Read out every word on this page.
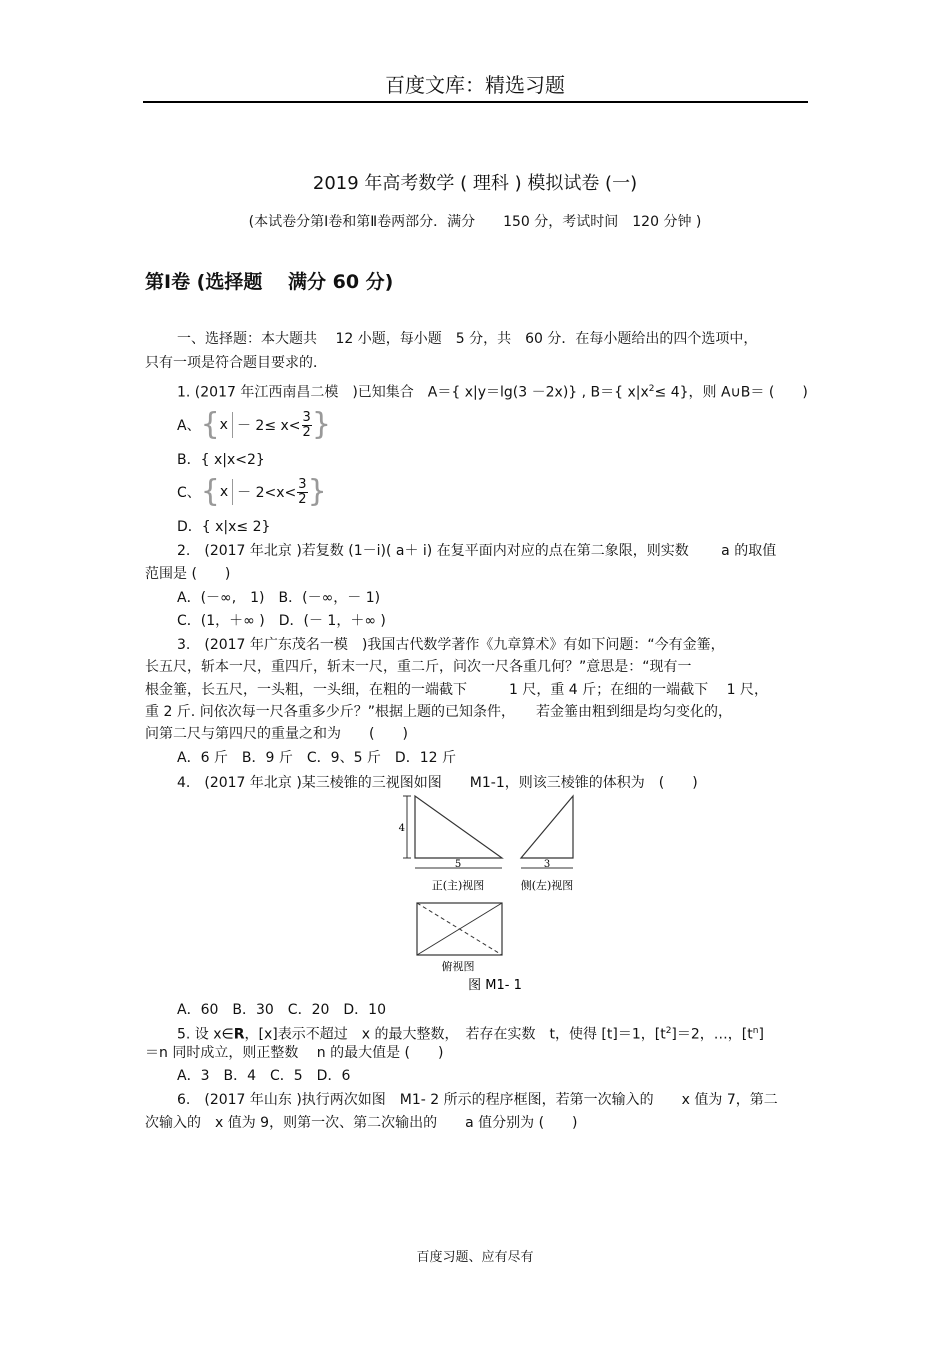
百度文库：精选习题
2019 年高考数学 ( 理科 ) 模拟试卷 (一)
(本试卷分第Ⅰ卷和第Ⅱ卷两部分．满分　　150 分，考试时间　120 分钟 )
第Ⅰ卷 (选择题　 满分 60 分)
一、选择题：本大题共　 12 小题，每小题　5 分，共　60 分．在每小题给出的四个选项中，
只有一项是符合题目要求的．
1. (2017 年江西南昌二模　)已知集合　A＝{ x|y＝lg(3 －2x)} , B＝{ $x|x^2\le 4$}，则 A∪B＝ (　　)
A、 { $x - 2\le x< \frac{3}{2}$ }
B．{ x|x<2}
C、 { $x - 2<x< \frac{3}{2}$ }
D．{ x|x≤ 2}
2.　(2017 年北京 )若复数 (1－i)( a＋ i) 在复平面内对应的点在第二象限，则实数　　 a 的取值
范围是 (　　)
A．(－∞,　1)　B．(－∞，－ 1)
C．(1，＋∞ )　D．(－ 1，＋∞ )
3.　(2017 年广东茂名一模　)我国古代数学著作《九章算术》有如下问题：“今有金箠，
长五尺，斩本一尺，重四斤，斩末一尺，重二斤，问次一尺各重几何？”意思是：“现有一
根金箠，长五尺，一头粗，一头细，在粗的一端截下　　　1 尺，重 4 斤；在细的一端截下　 1 尺，
重 2 斤. 问依次每一尺各重多少斤？”根据上题的已知条件，　　若金箠由粗到细是均匀变化的，
问第二尺与第四尺的重量之和为　　(　　)
A．6 斤　B．9 斤　C．9、5 斤　D．12 斤
4.　(2017 年北京 )某三棱锥的三视图如图　　M1-1，则该三棱锥的体积为　(　　)
4
5
正(主)视图
3
侧(左)视图
俯视图
图 M1- 1
A．60　B．30　C．20　D．10
5. 设 x∈R，[x]表示不超过　x 的最大整数，　若存在实数　t，使得 [t]＝1，$[t^2]=2$，…，$[t^n]$
＝n 同时成立，则正整数　 n 的最大值是 (　　)
A．3　B．4　C．5　D．6
6.　(2017 年山东 )执行两次如图　M1- 2 所示的程序框图，若第一次输入的　　x 值为 7，第二
次输入的　x 值为 9，则第一次、第二次输出的　　a 值分别为 (　　)
百度习题、应有尽有
